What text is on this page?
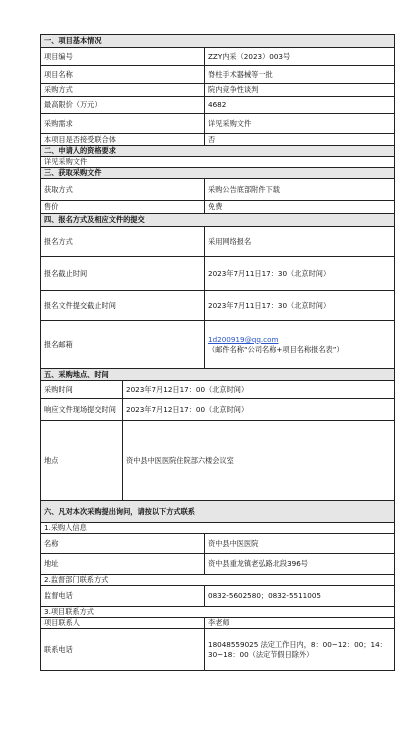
一、项目基本情况		
项目编号		ZZY内采（2023）003号
项目名称		脊柱手术器械等一批
采购方式		院内竞争性谈判
最高限价（万元）		4682
采购需求		详见采购文件
本项目是否接受联合体		否
二、申请人的资格要求		
详见采购文件		
三、获取采购文件		
获取方式		采购公告底部附件下载
售价		免费
四、报名方式及相应文件的提交		
报名方式		采用网络报名
报名截止时间		2023年7月11日17：30（北京时间）
报名文件提交截止时间		2023年7月11日17：30（北京时间）
报名邮箱		1d200919@qq.com
（邮件名称“公司名称+项目名称报名表”）
五、采购地点、时间		
采购时间	2023年7月12日17：00（北京时间）	
响应文件现场提交时间	2023年7月12日17：00（北京时间）	
地点	资中县中医医院住院部六楼会议室	
六、凡对本次采购提出询问，请按以下方式联系		
1.采购人信息		
名称		资中县中医医院
地址		资中县重龙镇老弘路北段396号
2.监督部门联系方式		
监督电话		0832-5602580；0832-5511005
3.项目联系方式		
项目联系人		李老师
联系电话		18048559025 法定工作日内，8：00~12：00；14：30~18：00（法定节假日除外）
